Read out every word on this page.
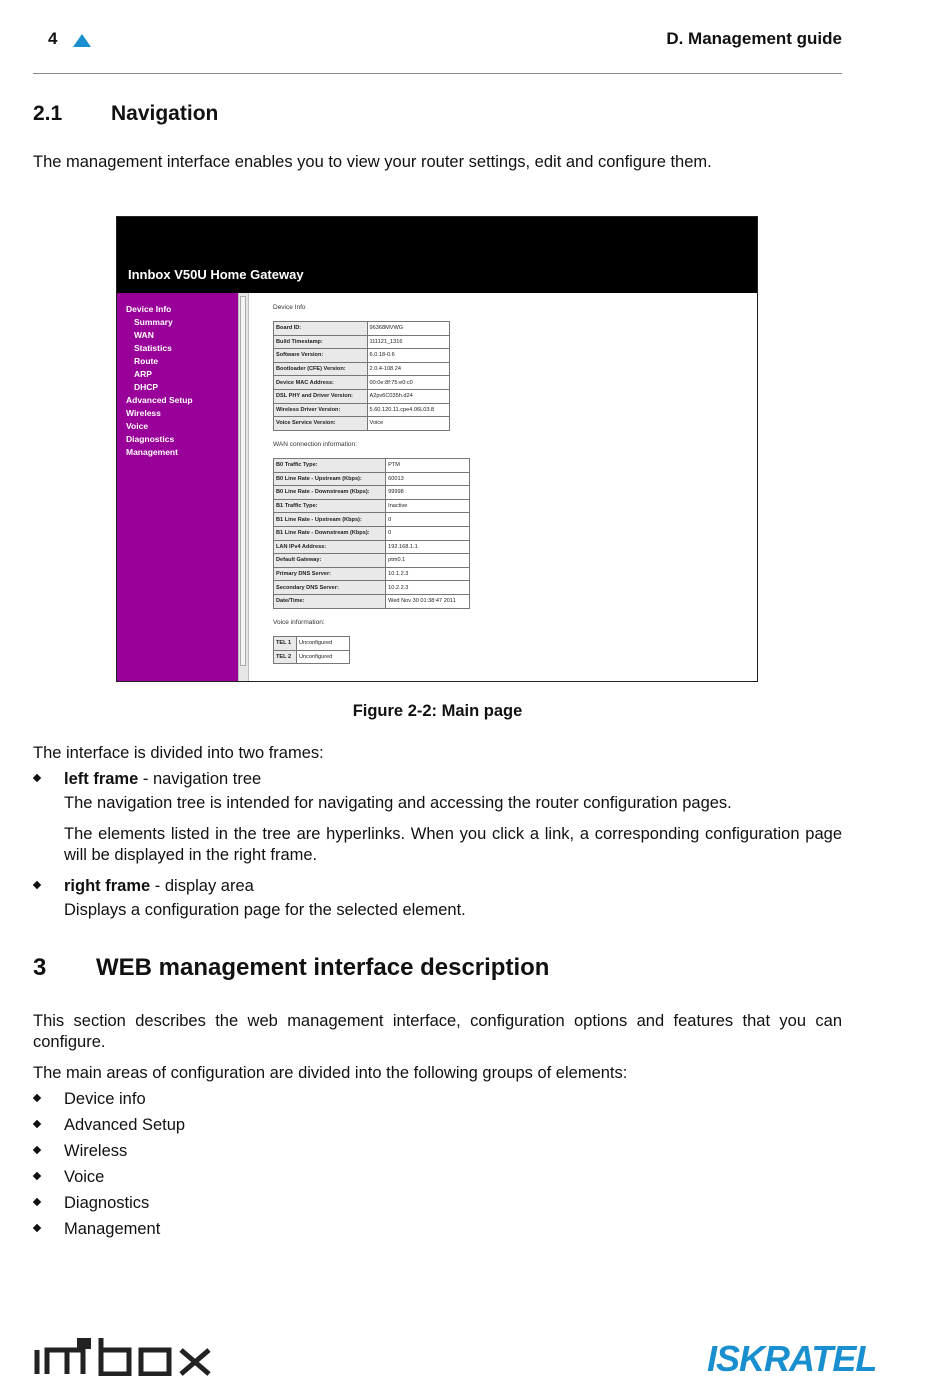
4	D. Management guide
2.1 Navigation
The management interface enables you to view your router settings, edit and configure them.
Innbox V50U Home Gateway
Device Info
Summary
WAN
Statistics
Route
ARP
DHCP
Advanced Setup
Wireless
Voice
Diagnostics
Management
Device Info
Board ID:	96368MVWG
Build Timestamp:	111121_1316
Software Version:	6.0.18-0.6
Bootloader (CFE) Version:	2.0.4-108.24
Device MAC Address:	00:0e:8f:75:e0:c0
DSL PHY and Driver Version:	A2pv6C035h.d24
Wireless Driver Version:	5.60.120.11.cpe4.06L03.8
Voice Service Version:	Voice
WAN connection information:
B0 Traffic Type:	PTM
B0 Line Rate - Upstream (Kbps):	60013
B0 Line Rate - Downstream (Kbps):	99998
B1 Traffic Type:	Inactive
B1 Line Rate - Upstream (Kbps):	0
B1 Line Rate - Downstream (Kbps):	0
LAN IPv4 Address:	192.168.1.1
Default Gateway:	ptm0.1
Primary DNS Server:	10.1.2.3
Secondary DNS Server:	10.2.2.3
Date/Time:	Wed Nov 30 01:38:47 2011
Voice information:
TEL 1	Unconfigured
TEL 2	Unconfigured
Figure 2-2: Main page
The interface is divided into two frames:
left frame - navigation tree
The navigation tree is intended for navigating and accessing the router configuration pages.
The elements listed in the tree are hyperlinks. When you click a link, a corresponding configuration page will be displayed in the right frame.
right frame - display area
Displays a configuration page for the selected element.
3 WEB management interface description
This section describes the web management interface, configuration options and features that you can configure.
The main areas of configuration are divided into the following groups of elements:
Device info
Advanced Setup
Wireless
Voice
Diagnostics
Management
ISKRATEL
